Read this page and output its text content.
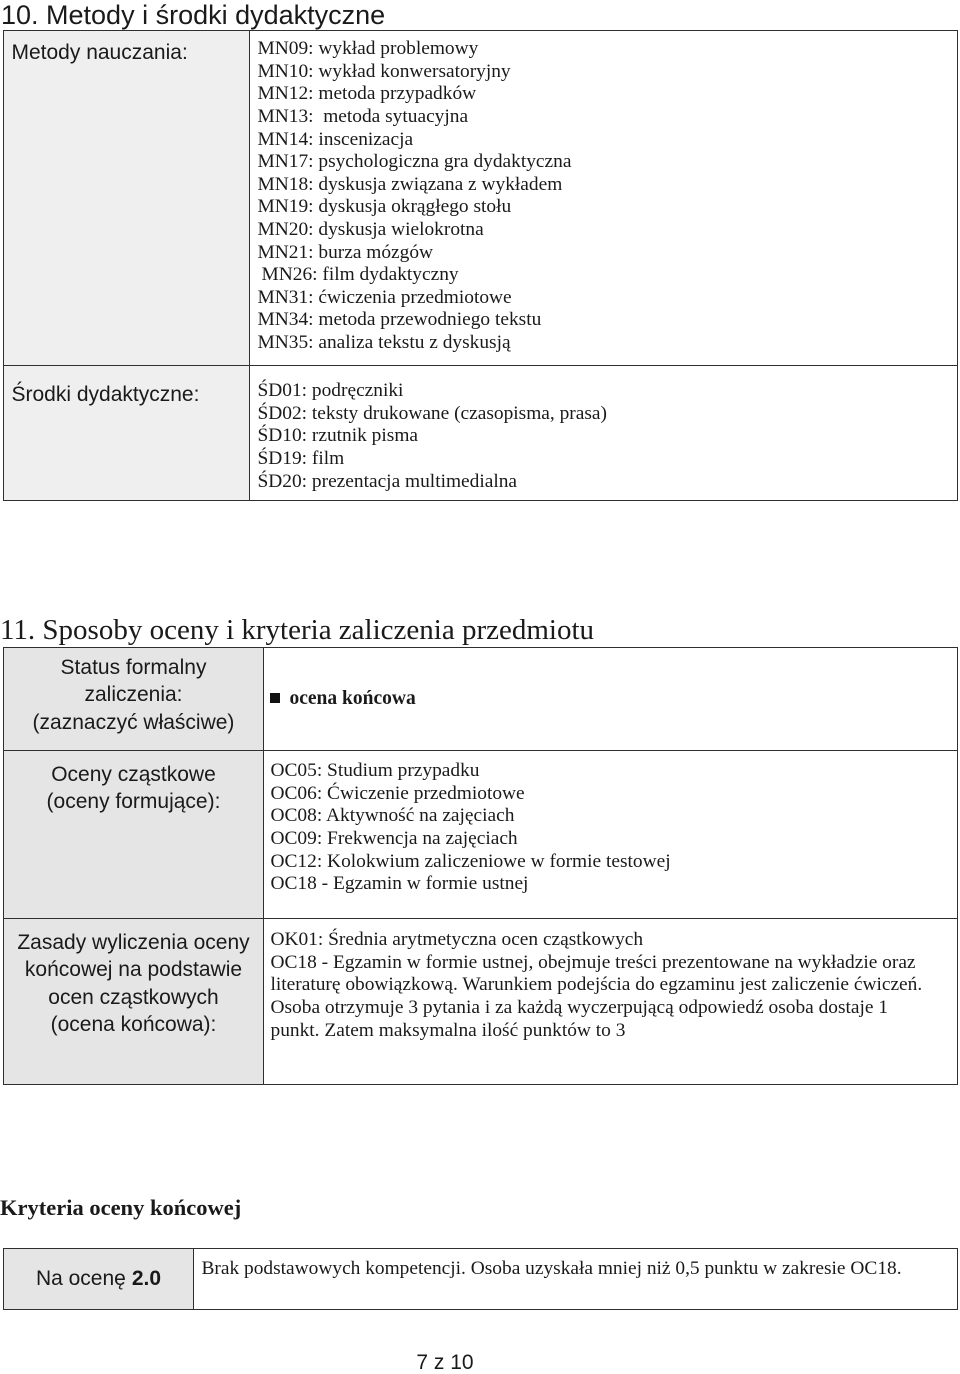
10. Metody i środki dydaktyczne
Metody nauczania:	MN09: wykład problemowy
MN10: wykład konwersatoryjny
MN12: metoda przypadków
MN13:  metoda sytuacyjna
MN14: inscenizacja
MN17: psychologiczna gra dydaktyczna
MN18: dyskusja związana z wykładem
MN19: dyskusja okrągłego stołu
MN20: dyskusja wielokrotna
MN21: burza mózgów
MN26: film dydaktyczny
MN31: ćwiczenia przedmiotowe
MN34: metoda przewodniego tekstu
MN35: analiza tekstu z dyskusją
Środki dydaktyczne:	ŚD01: podręczniki
ŚD02: teksty drukowane (czasopisma, prasa)
ŚD10: rzutnik pisma
ŚD19: film
ŚD20: prezentacja multimedialna
11. Sposoby oceny i kryteria zaliczenia przedmiotu
Status formalny
zaliczenia:
(zaznaczyć właściwe)
ocena końcowa
Oceny cząstkowe
(oceny formujące):
OC05: Studium przypadku
OC06: Ćwiczenie przedmiotowe
OC08: Aktywność na zajęciach
OC09: Frekwencja na zajęciach
OC12: Kolokwium zaliczeniowe w formie testowej
OC18 - Egzamin w formie ustnej
Zasady wyliczenia oceny
końcowej na podstawie
ocen cząstkowych
(ocena końcowa):
OK01: Średnia arytmetyczna ocen cząstkowych
OC18 - Egzamin w formie ustnej, obejmuje treści prezentowane na wykładzie oraz
literaturę obowiązkową. Warunkiem podejścia do egzaminu jest zaliczenie ćwiczeń.
Osoba otrzymuje 3 pytania i za każdą wyczerpującą odpowiedź osoba dostaje 1
punkt. Zatem maksymalna ilość punktów to 3
Kryteria oceny końcowej
Na ocenę 2.0 Brak podstawowych kompetencji. Osoba uzyskała mniej niż 0,5 punktu w zakresie OC18.
7 z 10
